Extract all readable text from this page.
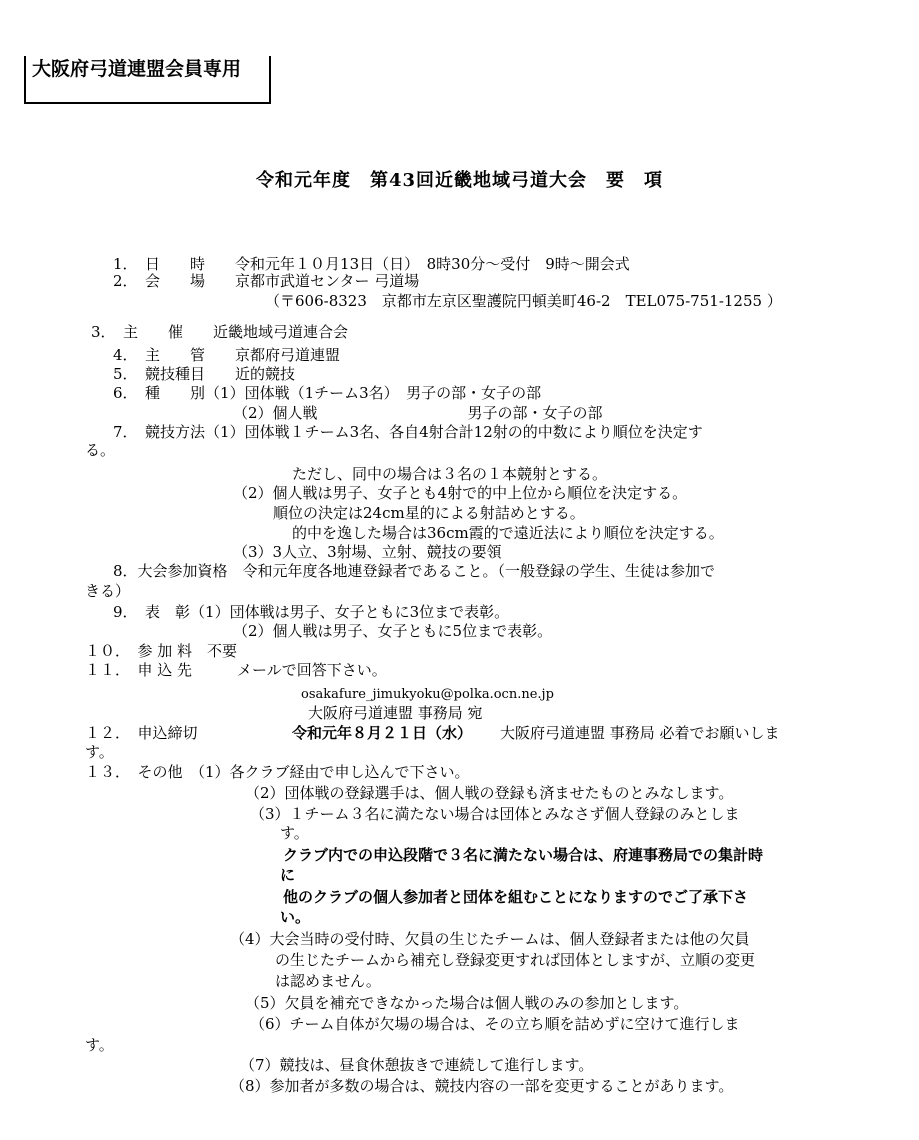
大阪府弓道連盟会員専用
令和元年度　第43回近畿地域弓道大会　要　項
1．　日　　時　　令和元年１０月13日（日）　8時30分～受付　9時～開会式
2．　会　　場　　京都市武道センター 弓道場
（〒606-8323　京都市左京区聖護院円頓美町46-2　TEL075-751-1255 ）
3．　主　　催　　近畿地域弓道連合会
4．　主　　管　　京都府弓道連盟
5．　競技種目　　近的競技
6．　種　　別（1）団体戦（1チーム3名）　男子の部・女子の部
（2）個人戦　　　　　　　　　　男子の部・女子の部
7．　競技方法（1）団体戦１チーム3名、各自4射合計12射の的中数により順位を決定す
る。
ただし、同中の場合は３名の１本競射とする。
（2）個人戦は男子、女子とも4射で的中上位から順位を決定する。
順位の決定は24cm星的による射詰めとする。
的中を逸した場合は36cm霞的で遠近法により順位を決定する。
（3）3人立、3射場、立射、競技の要領
8．大会参加資格　令和元年度各地連登録者であること。（一般登録の学生、生徒は参加で
きる）
9．　表　彰（1）団体戦は男子、女子ともに3位まで表彰。
（2）個人戦は男子、女子ともに5位まで表彰。
１０．　参 加 料　不要
１１．　申 込 先　　　メールで回答下さい。
osakafure_jimukyoku@polka.ocn.ne.jp
大阪府弓道連盟 事務局 宛
１２．　申込締切	令和元年８月２１日（水） 大阪府弓道連盟 事務局 必着でお願いしま
す。
１３．　その他　（1）各クラブ経由で申し込んで下さい。
（2）団体戦の登録選手は、個人戦の登録も済ませたものとみなします。
（3）１チーム３名に満たない場合は団体とみなさず個人登録のみとしま
す。
クラブ内での申込段階で３名に満たない場合は、府連事務局での集計時
に
他のクラブの個人参加者と団体を組むことになりますのでご了承下さ
い。
（4）大会当時の受付時、欠員の生じたチームは、個人登録者または他の欠員
の生じたチームから補充し登録変更すれば団体としますが、立順の変更
は認めません。
（5）欠員を補充できなかった場合は個人戦のみの参加とします。
（6）チーム自体が欠場の場合は、その立ち順を詰めずに空けて進行しま
す。
（7）競技は、昼食休憩抜きで連続して進行します。
（8）参加者が多数の場合は、競技内容の一部を変更することがあります。
